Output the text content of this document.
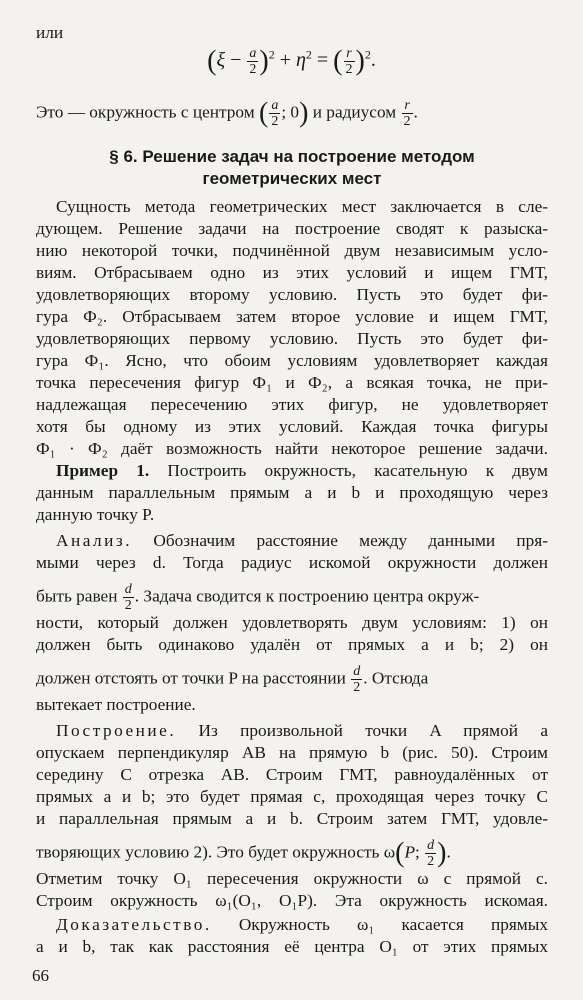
или
$(\xi - \frac{a}{2} )^2 + \eta^2$ = ( $\frac{r}{2} )^2$.
Это — окружность с центром ( $\frac{a}{2}$ ; 0) и радиусом $\frac{r}{2}$ .
§ 6. Решение задач на построение методом
геометрических мест
Сущность метода геометрических мест заключается в сле-
дующем. Решение задачи на построение сводят к разыска-
нию некоторой точки, подчинённой двум независимым усло-
виям. Отбрасываем одно из этих условий и ищем ГМТ,
удовлетворяющих второму условию. Пусть это будет фи-
гура Ф₂. Отбрасываем затем второе условие и ищем ГМТ,
удовлетворяющих первому условию. Пусть это будет фи-
гура Ф₁. Ясно, что обоим условиям удовлетворяет каждая
точка пересечения фигур Ф₁ и Ф₂, а всякая точка, не при-
надлежащая пересечению этих фигур, не удовлетворяет
хотя бы одному из этих условий. Каждая точка фигуры
Ф₁ · Ф₂ даёт возможность найти некоторое решение задачи.
Пример 1. Построить окружность, касательную к двум
данным параллельным прямым a и b и проходящую через
данную точку P.
Анализ. Обозначим расстояние между данными пря-
мыми через d. Тогда радиус искомой окружности должен
быть равен $\frac{d}{2}$ . Задача сводится к построению центра окруж-
ности, который должен удовлетворять двум условиям: 1) он
должен быть одинаково удалён от прямых a и b; 2) он
должен отстоять от точки P на расстоянии $\frac{d}{2}$ . Отсюда
вытекает построение.
Построение. Из произвольной точки A прямой a
опускаем перпендикуляр AB на прямую b (рис. 50). Строим
середину C отрезка AB. Строим ГМТ, равноудалённых от
прямых a и b; это будет прямая c, проходящая через точку C
и параллельная прямым a и b. Строим затем ГМТ, удовле-
творяющих условию 2). Это будет окружность ω(P; $\frac{d}{2}$ ).
Отметим точку O₁ пересечения окружности ω с прямой c.
Строим окружность ω₁(O₁, O₁P). Эта окружность искомая.
Доказательство. Окружность ω₁ касается прямых
a и b, так как расстояния её центра O₁ от этих прямых
66
